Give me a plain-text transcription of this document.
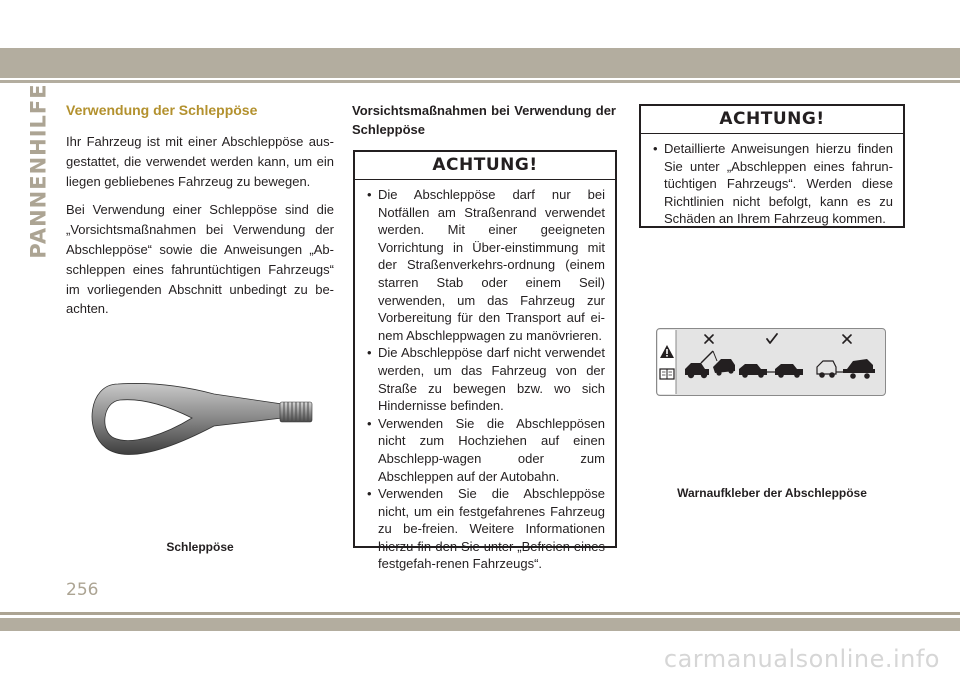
PANNENHILFE Verwendung der Schleppöse

Ihr Fahrzeug ist mit einer Abschleppöse aus-gestattet, die verwendet werden kann, um ein liegen gebliebenes Fahrzeug zu bewegen.

Bei Verwendung einer Schleppöse sind die „Vorsichtsmaßnahmen bei Verwendung der Abschleppöse“ sowie die Anweisungen „Ab-schleppen eines fahruntüchtigen Fahrzeugs“ im vorliegenden Abschnitt unbedingt zu be-achten.

Schleppöse
Vorsichtsmaßnahmen bei Verwendung der Schleppöse
ACHTUNG!
• Die Abschleppöse darf nur bei Notfällen am Straßenrand verwendet werden. Mit einer geeigneten Vorrichtung in Über-einstimmung mit der Straßenverkehrs-ordnung (einem starren Stab oder einem Seil) verwenden, um das Fahrzeug zur Vorbereitung für den Transport auf ei-nem Abschleppwagen zu manövrieren.
• Die Abschleppöse darf nicht verwendet werden, um das Fahrzeug von der Straße zu bewegen bzw. wo sich Hindernisse befinden.
• Verwenden Sie die Abschleppösen nicht zum Hochziehen auf einen Abschlepp-wagen oder zum Abschleppen auf der Autobahn.
• Verwenden Sie die Abschleppöse nicht, um ein festgefahrenes Fahrzeug zu be-freien. Weitere Informationen hierzu fin-den Sie unter „Befreien eines festgefah-renen Fahrzeugs“.
ACHTUNG!
• Detaillierte Anweisungen hierzu finden Sie unter „Abschleppen eines fahrun-tüchtigen Fahrzeugs“. Werden diese Richtlinien nicht befolgt, kann es zu Schäden an Ihrem Fahrzeug kommen.
Warnaufkleber der Abschleppöse
256
carmanualsonline.info
